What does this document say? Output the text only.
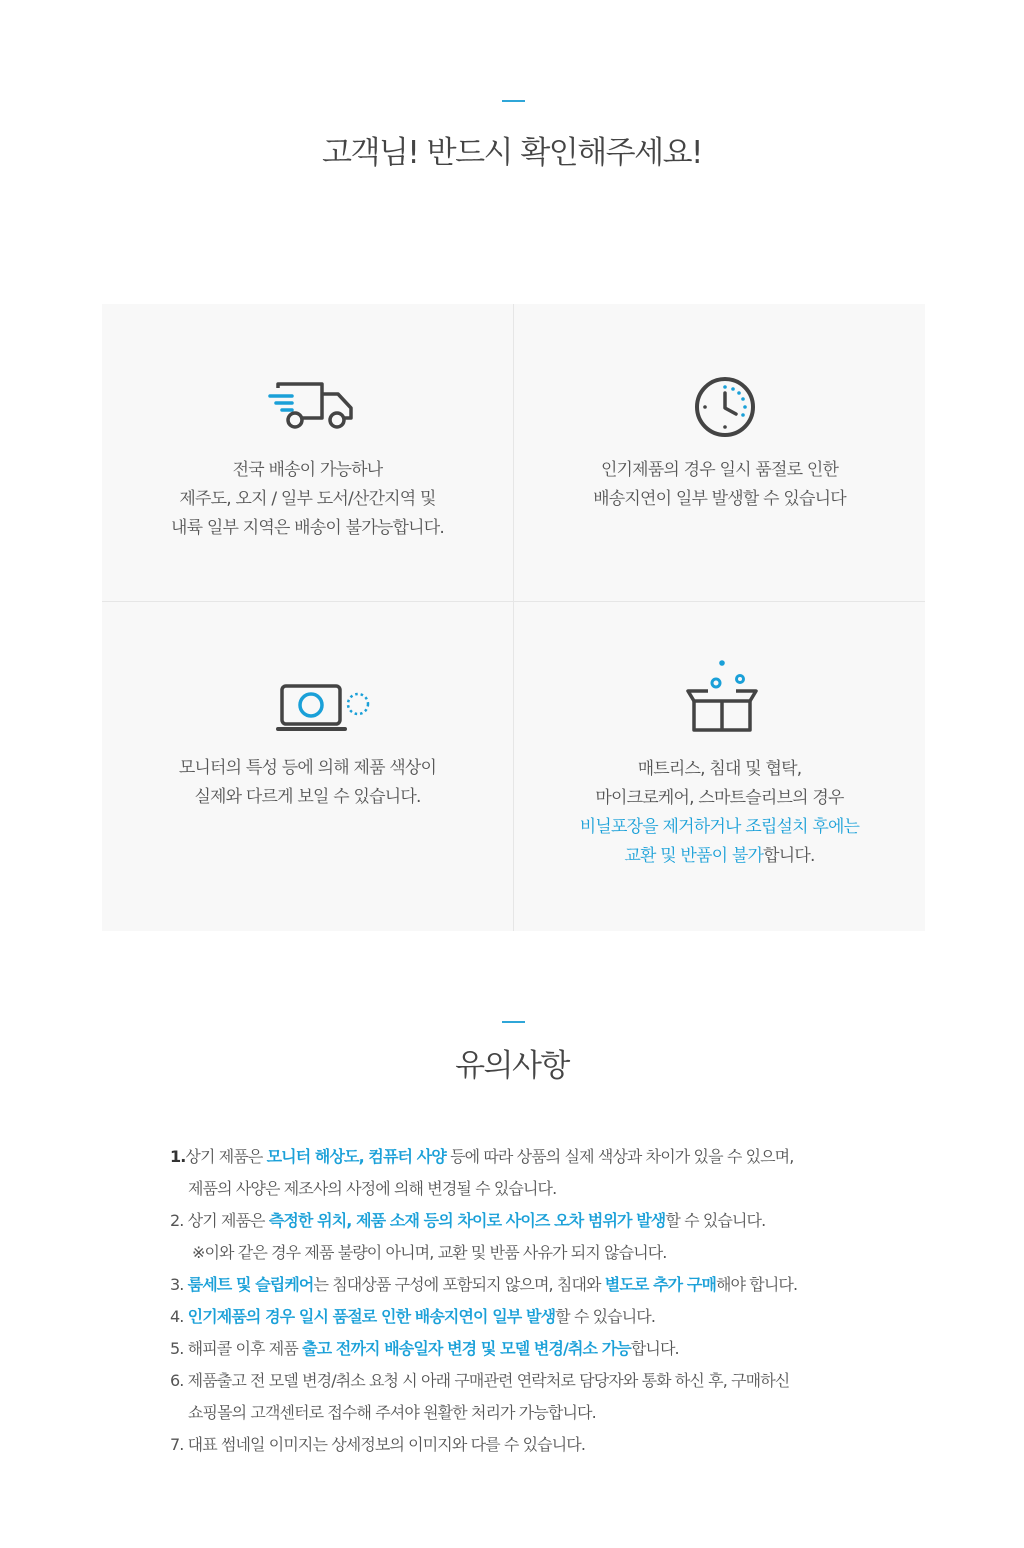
고객님! 반드시 확인해주세요!
전국 배송이 가능하나
제주도, 오지 / 일부 도서/산간지역 및
내륙 일부 지역은 배송이 불가능합니다.
인기제품의 경우 일시 품절로 인한
배송지연이 일부 발생할 수 있습니다
모니터의 특성 등에 의해 제품 색상이
실제와 다르게 보일 수 있습니다.
매트리스, 침대 및 협탁,
마이크로케어, 스마트슬리브의 경우
비닐포장을 제거하거나 조립설치 후에는
교환 및 반품이 불가합니다.
유의사항
1.상기 제품은 모니터 해상도, 컴퓨터 사양 등에 따라 상품의 실제 색상과 차이가 있을 수 있으며,
제품의 사양은 제조사의 사정에 의해 변경될 수 있습니다.
2. 상기 제품은 측정한 위치, 제품 소재 등의 차이로 사이즈 오차 범위가 발생할 수 있습니다.
※이와 같은 경우 제품 불량이 아니며, 교환 및 반품 사유가 되지 않습니다.
3. 룸세트 및 슬립케어는 침대상품 구성에 포함되지 않으며, 침대와 별도로 추가 구매해야 합니다.
4. 인기제품의 경우 일시 품절로 인한 배송지연이 일부 발생할 수 있습니다.
5. 해피콜 이후 제품 출고 전까지 배송일자 변경 및 모델 변경/취소 가능합니다.
6. 제품출고 전 모델 변경/취소 요청 시 아래 구매관련 연락처로 담당자와 통화 하신 후, 구매하신
쇼핑몰의 고객센터로 접수해 주셔야 원활한 처리가 가능합니다.
7. 대표 썸네일 이미지는 상세정보의 이미지와 다를 수 있습니다.
